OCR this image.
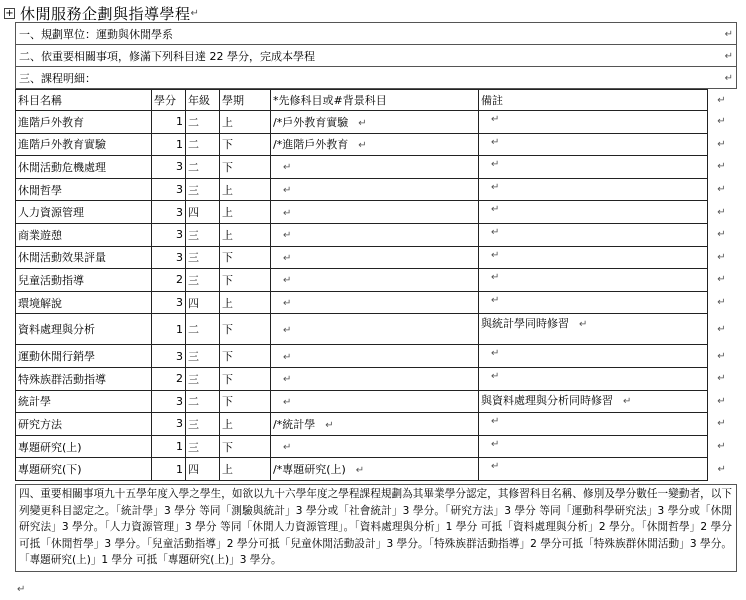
+ 休閒服務企劃與指導學程 ↵
一、規劃單位：運動與休閒學系	↵

二、依重要相關事項，修滿下列科目達 22 學分，完成本學程	↵

三、課程明細：	↵
科目名稱	學分	年級	學期	*先修科目或#背景科目	備註	↵
進階戶外教育	1	二	上	/*戶外教育實驗 ↵	↵	↵
進階戶外教育實驗	1	二	下	/*進階戶外教育 ↵	↵	↵
休閒活動危機處理	3	二	下	↵	↵	↵
休閒哲學	3	三	上	↵	↵	↵
人力資源管理	3	四	上	↵	↵	↵
商業遊憩	3	三	上	↵	↵	↵
休閒活動效果評量	3	三	下	↵	↵	↵
兒童活動指導	2	三	下	↵	↵	↵
環境解說	3	四	上	↵	↵	↵
資料處理與分析	1	二	下	↵	與統計學同時修習 ↵	↵
運動休閒行銷學	3	三	下	↵	↵	↵
特殊族群活動指導	2	三	下	↵	↵	↵
統計學	3	二	下	↵	與資料處理與分析同時修習 ↵	↵
研究方法	3	三	上	/*統計學 ↵	↵	↵
專題研究(上)	1	三	下	↵	↵	↵
專題研究(下)	1	四	上	/*專題研究(上) ↵	↵	↵
四、重要相關事項九十五學年度入學之學生，如欲以九十六學年度之學程課程規劃為其畢業學分認定，其修習科目名稱、修別及學分數任一變動者，以下列變更科目認定之。「統計學」3 學分 等同「測驗與統計」3 學分或「社會統計」3 學分。「研究方法」3 學分 等同「運動科學研究法」3 學分或「休閒研究法」3 學分。「人力資源管理」3 學分 等同「休閒人力資源管理」。「資料處理與分析」1 學分 可抵「資料處理與分析」2 學分。「休閒哲學」2 學分 可抵「休閒哲學」3 學分。「兒童活動指導」2 學分可抵「兒童休閒活動設計」3 學分。「特殊族群活動指導」2 學分可抵「特殊族群休閒活動」3 學分。「專題研究(上)」1 學分 可抵「專題研究(上)」3 學分。
↵
